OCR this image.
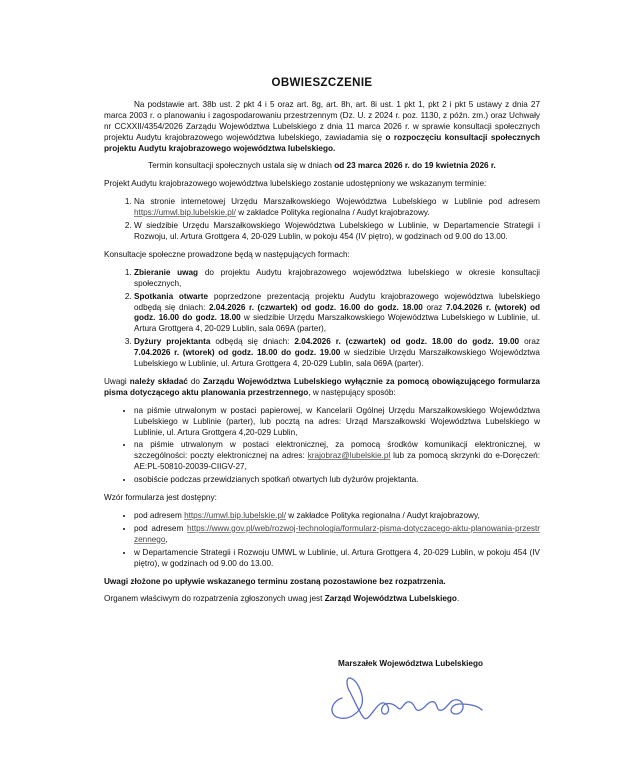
OBWIESZCZENIE

Na podstawie art. 38b ust. 2 pkt 4 i 5 oraz art. 8g, art. 8h, art. 8i ust. 1 pkt 1, pkt 2 i pkt 5 ustawy z dnia 27 marca 2003 r. o planowaniu i zagospodarowaniu przestrzennym (Dz. U. z 2024 r. poz. 1130, z późn. zm.) oraz Uchwały nr CCXXII/4354/2026 Zarządu Województwa Lubelskiego z dnia 11 marca 2026 r. w sprawie konsultacji społecznych projektu Audytu krajobrazowego województwa lubelskiego, zawiadamia się o rozpoczęciu konsultacji społecznych projektu Audytu krajobrazowego województwa lubelskiego.

Termin konsultacji społecznych ustala się w dniach od 23 marca 2026 r. do 19 kwietnia 2026 r.

Projekt Audytu krajobrazowego województwa lubelskiego zostanie udostępniony we wskazanym terminie:

1. Na stronie internetowej Urzędu Marszałkowskiego Województwa Lubelskiego w Lublinie pod adresem https://umwl.bip.lubelskie.pl/ w zakładce Polityka regionalna / Audyt krajobrazowy.
2. W siedzibie Urzędu Marszałkowskiego Województwa Lubelskiego w Lublinie, w Departamencie Strategii i Rozwoju, ul. Artura Grottgera 4, 20-029 Lublin, w pokoju 454 (IV piętro), w godzinach od 9.00 do 13.00.

Konsultacje społeczne prowadzone będą w następujących formach:

1. Zbieranie uwag do projektu Audytu krajobrazowego województwa lubelskiego w okresie konsultacji społecznych,
2. Spotkania otwarte poprzedzone prezentacją projektu Audytu krajobrazowego województwa lubelskiego odbędą się dniach: 2.04.2026 r. (czwartek) od godz. 16.00 do godz. 18.00 oraz 7.04.2026 r. (wtorek) od godz. 16.00 do godz. 18.00 w siedzibie Urzędu Marszałkowskiego Województwa Lubelskiego w Lublinie, ul. Artura Grottgera 4, 20-029 Lublin, sala 069A (parter),
3. Dyżury projektanta odbędą się dniach: 2.04.2026 r. (czwartek) od godz. 18.00 do godz. 19.00 oraz 7.04.2026 r. (wtorek) od godz. 18.00 do godz. 19.00 w siedzibie Urzędu Marszałkowskiego Województwa Lubelskiego w Lublinie, ul. Artura Grottgera 4, 20-029 Lublin, sala 069A (parter).

Uwagi należy składać do Zarządu Województwa Lubelskiego wyłącznie za pomocą obowiązującego formularza pisma dotyczącego aktu planowania przestrzennego, w następujący sposób:

• na piśmie utrwalonym w postaci papierowej, w Kancelarii Ogólnej Urzędu Marszałkowskiego Województwa Lubelskiego w Lublinie (parter), lub pocztą na adres: Urząd Marszałkowski Województwa Lubelskiego w Lublinie, ul. Artura Grottgera 4,20-029 Lublin,
• na piśmie utrwalonym w postaci elektronicznej, za pomocą środków komunikacji elektronicznej, w szczególności: poczty elektronicznej na adres: krajobraz@lubelskie.pl lub za pomocą skrzynki do e-Doręczeń: AE:PL-50810-20039-CIIGV-27,
• osobiście podczas przewidzianych spotkań otwartych lub dyżurów projektanta.

Wzór formularza jest dostępny:

• pod adresem https://umwl.bip.lubelskie.pl/ w zakładce Polityka regionalna / Audyt krajobrazowy,
• pod adresem https://www.gov.pl/web/rozwoj-technologia/formularz-pisma-dotyczacego-aktu-planowania-przestrzennego,
• w Departamencie Strategii i Rozwoju UMWL w Lublinie, ul. Artura Grottgera 4, 20-029 Lublin, w pokoju 454 (IV piętro), w godzinach od 9.00 do 13.00.

Uwagi złożone po upływie wskazanego terminu zostaną pozostawione bez rozpatrzenia.

Organem właściwym do rozpatrzenia zgłoszonych uwag jest Zarząd Województwa Lubelskiego.

Marszałek Województwa Lubelskiego
